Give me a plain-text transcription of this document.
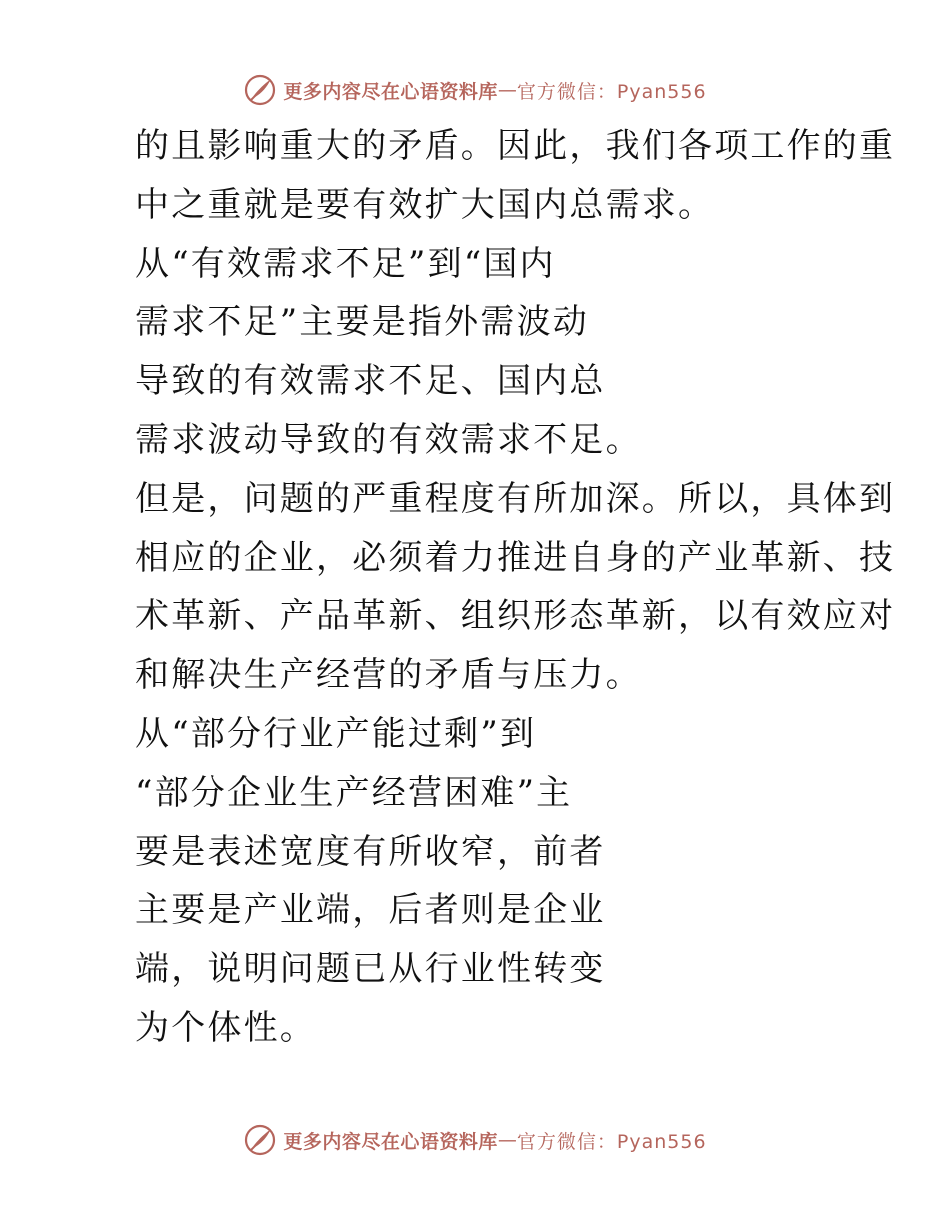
更多内容尽在心语资料库 — 官方微信：Pyan556
的且影响重大的矛盾。因此，我们各项工作的重
中之重就是要有效扩大国内总需求。
从“有效需求不足”到“国内
需求不足”主要是指外需波动
导致的有效需求不足、国内总
需求波动导致的有效需求不足。
但是，问题的严重程度有所加深。所以，具体到
相应的企业，必须着力推进自身的产业革新、技
术革新、产品革新、组织形态革新，以有效应对
和解决生产经营的矛盾与压力。
从“部分行业产能过剩”到
“部分企业生产经营困难”主
要是表述宽度有所收窄，前者
主要是产业端，后者则是企业
端，说明问题已从行业性转变
为个体性。
更多内容尽在心语资料库 — 官方微信：Pyan556
